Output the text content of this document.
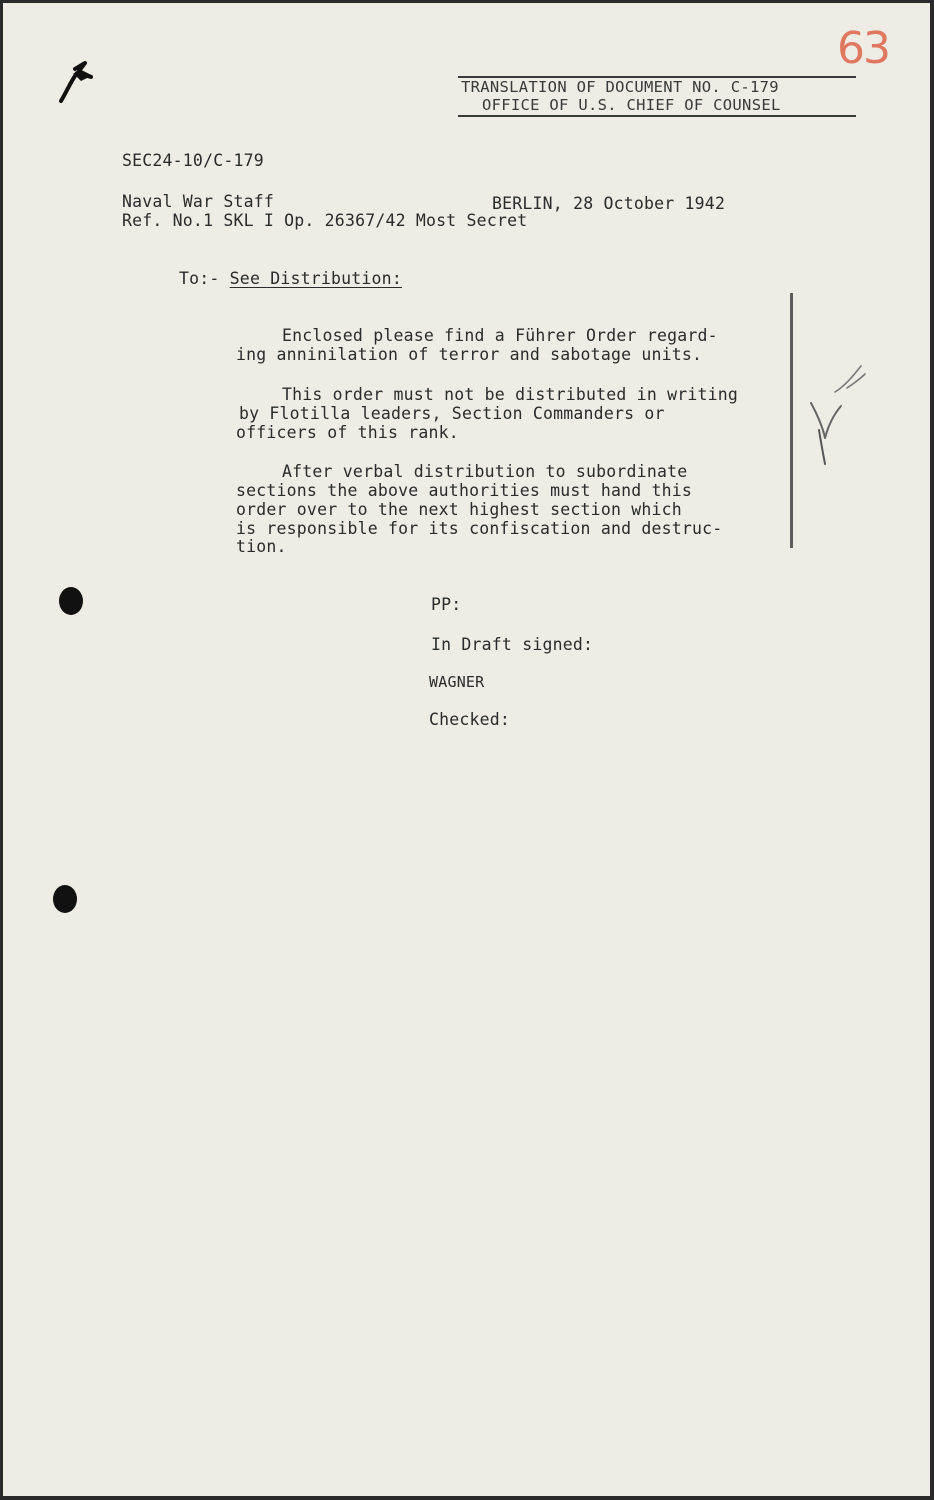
63
TRANSLATION OF DOCUMENT NO. C-179
OFFICE OF U.S. CHIEF OF COUNSEL
SEC24-10/C-179
Naval War Staff	BERLIN, 28 October 1942
Ref. No.1 SKL I Op. 26367/42 Most Secret
To:- See Distribution:
Enclosed please find a Führer Order regard-
ing anninilation of terror and sabotage units.
This order must not be distributed in writing
by Flotilla leaders, Section Commanders or
officers of this rank.
After verbal distribution to subordinate
sections the above authorities must hand this
order over to the next highest section which
is responsible for its confiscation and destruc-
tion.
PP:
In Draft signed:
WAGNER
Checked:
